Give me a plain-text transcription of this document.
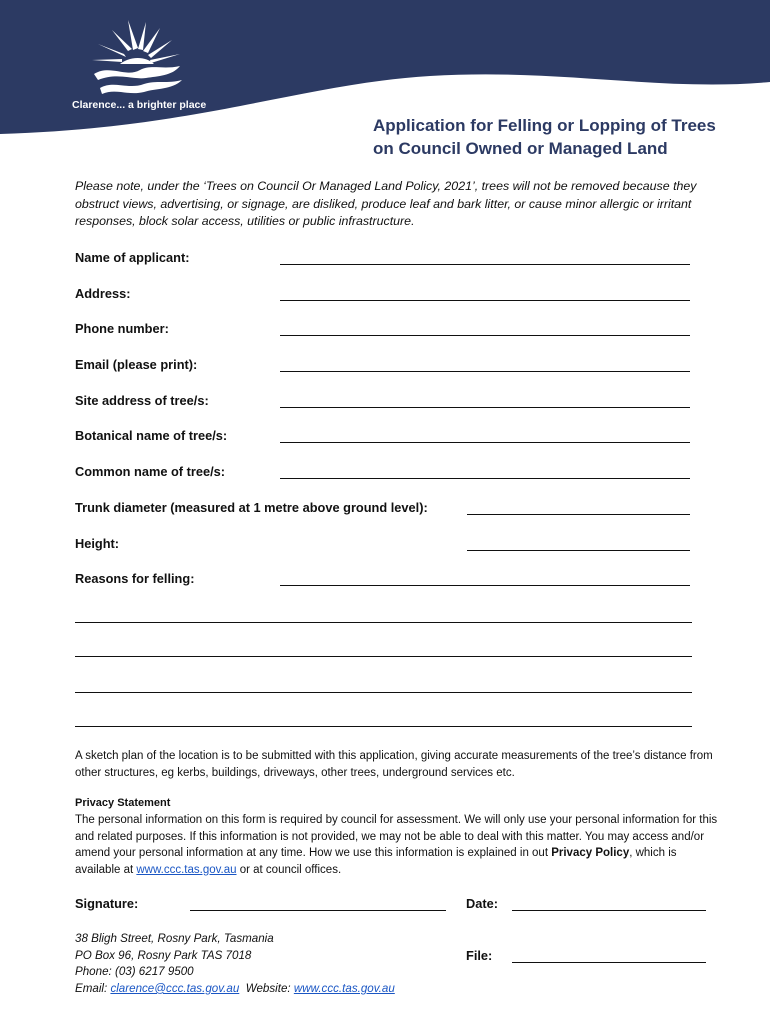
Clarence... a brighter place
Application for Felling or Lopping of Trees
on Council Owned or Managed Land
Please note, under the ‘Trees on Council Or Managed Land Policy, 2021’, trees will not be removed because they obstruct views, advertising, or signage, are disliked, produce leaf and bark litter, or cause minor allergic or irritant responses, block solar access, utilities or public infrastructure.
Name of applicant:
Address:
Phone number:
Email (please print):
Site address of tree/s:
Botanical name of tree/s:
Common name of tree/s:
Trunk diameter (measured at 1 metre above ground level):
Height:
Reasons for felling:
A sketch plan of the location is to be submitted with this application, giving accurate measurements of the tree’s distance from other structures, eg kerbs, buildings, driveways, other trees, underground services etc.
Privacy Statement
The personal information on this form is required by council for assessment. We will only use your personal information for this and related purposes. If this information is not provided, we may not be able to deal with this matter. You may access and/or amend your personal information at any time. How we use this information is explained in out Privacy Policy, which is available at www.ccc.tas.gov.au or at council offices.
Signature:	Date:
File:
38 Bligh Street, Rosny Park, Tasmania
PO Box 96, Rosny Park TAS 7018
Phone: (03) 6217 9500
Email: clarence@ccc.tas.gov.au  Website: www.ccc.tas.gov.au
